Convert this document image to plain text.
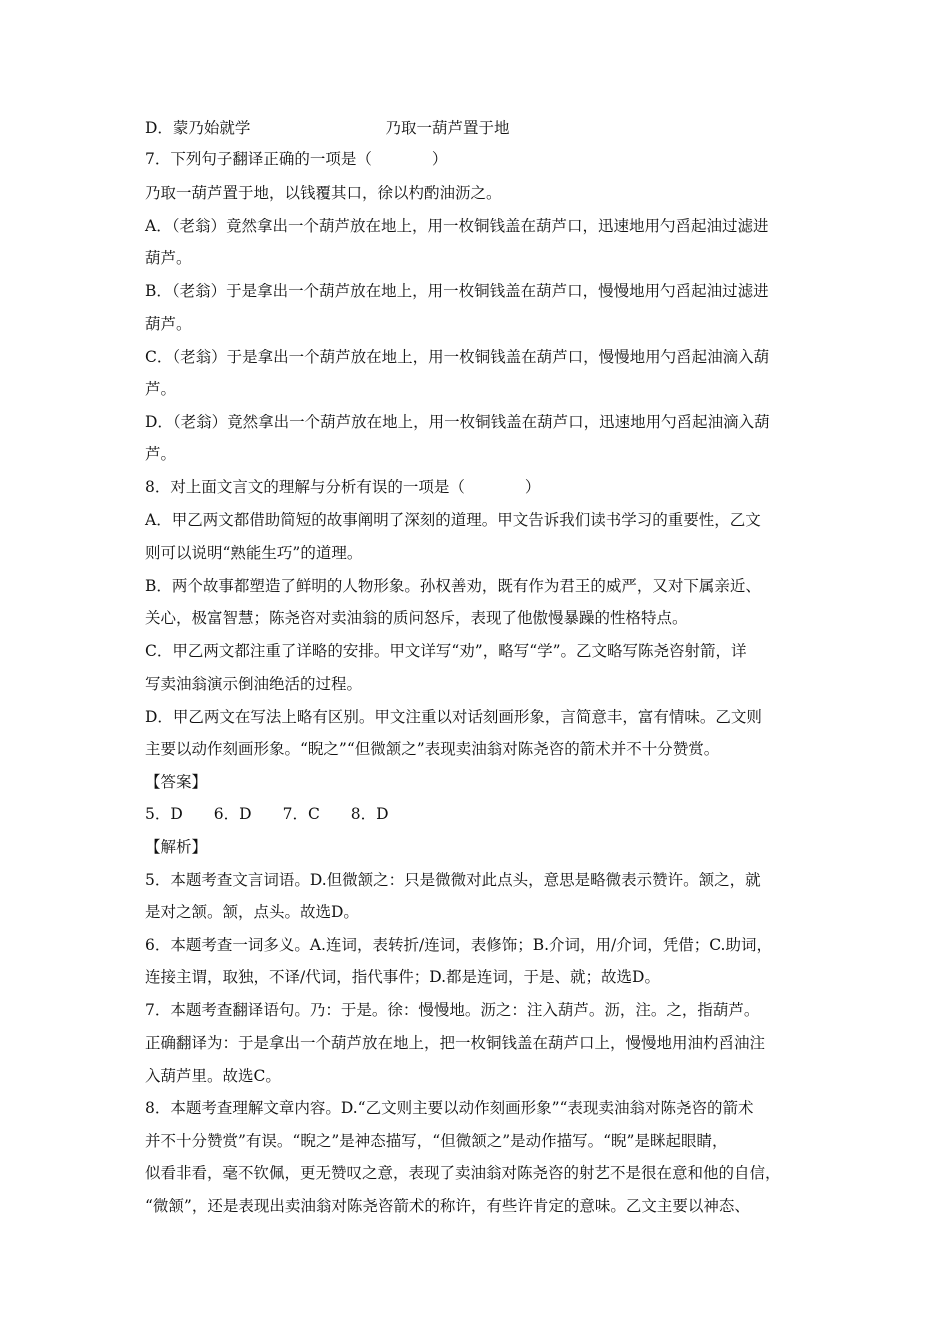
D．蒙乃始就学	乃取一葫芦置于地
7．下列句子翻译正确的一项是（	）
乃取一葫芦置于地，以钱覆其口，徐以杓酌油沥之。
A．（老翁）竟然拿出一个葫芦放在地上，用一枚铜钱盖在葫芦口，迅速地用勺舀起油过滤进
葫芦。
B．（老翁）于是拿出一个葫芦放在地上，用一枚铜钱盖在葫芦口，慢慢地用勺舀起油过滤进
葫芦。
C．（老翁）于是拿出一个葫芦放在地上，用一枚铜钱盖在葫芦口，慢慢地用勺舀起油滴入葫
芦。
D．（老翁）竟然拿出一个葫芦放在地上，用一枚铜钱盖在葫芦口，迅速地用勺舀起油滴入葫
芦。
8．对上面文言文的理解与分析有误的一项是（	）
A．甲乙两文都借助简短的故事阐明了深刻的道理。甲文告诉我们读书学习的重要性，乙文
则可以说明“熟能生巧”的道理。
B．两个故事都塑造了鲜明的人物形象。孙权善劝，既有作为君王的威严，又对下属亲近、
关心，极富智慧；陈尧咨对卖油翁的质问怒斥，表现了他傲慢暴躁的性格特点。
C．甲乙两文都注重了详略的安排。甲文详写“劝”，略写“学”。乙文略写陈尧咨射箭，详
写卖油翁演示倒油绝活的过程。
D．甲乙两文在写法上略有区别。甲文注重以对话刻画形象，言简意丰，富有情味。乙文则
主要以动作刻画形象。“睨之”“但微颔之”表现卖油翁对陈尧咨的箭术并不十分赞赏。
【答案】
5．D　　6．D　　7．C　　8．D
【解析】
5．本题考查文言词语。D.但微颔之：只是微微对此点头，意思是略微表示赞许。颔之，就
是对之颔。颔，点头。故选D。
6．本题考查一词多义。A.连词，表转折/连词，表修饰；B.介词，用/介词，凭借；C.助词，
连接主谓，取独，不译/代词，指代事件；D.都是连词，于是、就；故选D。
7．本题考查翻译语句。乃：于是。徐：慢慢地。沥之：注入葫芦。沥，注。之，指葫芦。
正确翻译为：于是拿出一个葫芦放在地上，把一枚铜钱盖在葫芦口上，慢慢地用油杓舀油注
入葫芦里。故选C。
8．本题考查理解文章内容。D.“乙文则主要以动作刻画形象”“表现卖油翁对陈尧咨的箭术
并不十分赞赏”有误。“睨之”是神态描写，“但微颔之”是动作描写。“睨”是眯起眼睛，
似看非看，毫不钦佩，更无赞叹之意，表现了卖油翁对陈尧咨的射艺不是很在意和他的自信，
“微颔”，还是表现出卖油翁对陈尧咨箭术的称许，有些许肯定的意味。乙文主要以神态、
